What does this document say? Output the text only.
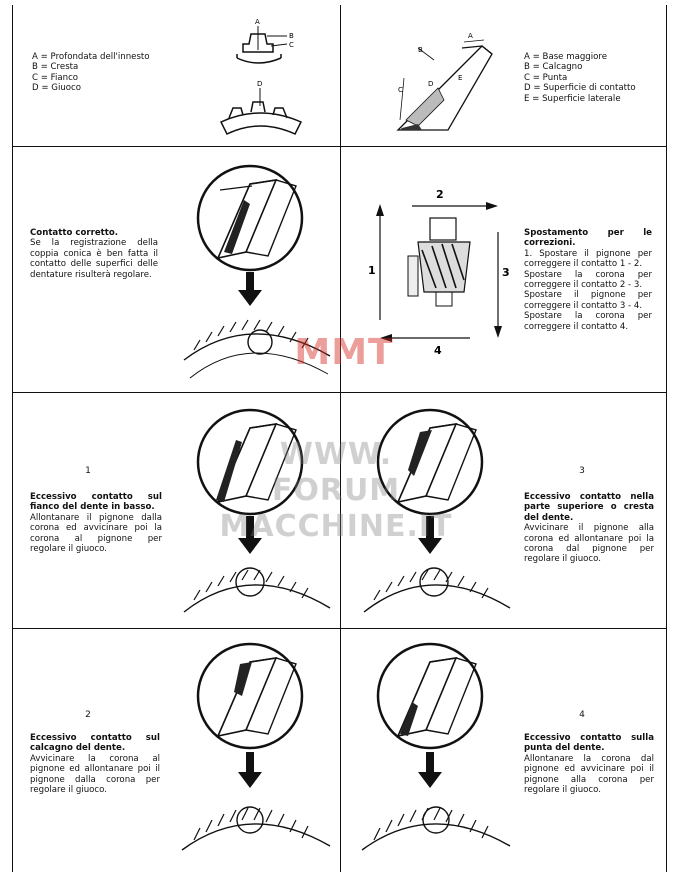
A = Profondata dell'innesto

B = Cresta

C = Fianco

D = Giuoco

A
B
C
D
A
B
C
D
E

A = Base maggiore

B = Calcagno

C = Punta

D = Superficie di contatto

E = Superficie laterale

Contatto corretto.

Se la registrazione della coppia conica è ben fatta il contatto delle superfici delle dentature risulterà regolare.	1
2
3
4

Spostamento per le correzioni.

1. Spostare il pignone per correggere il contatto 1 - 2.

Spostare la corona per correggere il contatto 2 - 3.

Spostare il pignone per correggere il contatto 3 - 4.

Spostare la corona per correggere il contatto 4.

1

Eccessivo contatto sul fianco del dente in basso.

Allontanare il pignone dalla corona ed avvicinare poi la corona al pignone per regolare il giuoco.

3

Eccessivo contatto nella parte superiore o cresta del dente.

Avvicinare il pignone alla corona ed allontanare poi la corona dal pignone per regolare il giuoco.

2

Eccessivo contatto sul calcagno del dente.

Avvicinare la corona al pignone ed allontanare poi il pignone dalla corona per regolare il giuoco.

4

Eccessivo contatto sulla punta del dente.

Allontanare la corona dal pignone ed avvicinare poi il pignone alla corona per regolare il giuoco.

MMT
WWW.
FORUM
MACCHINE.IT
